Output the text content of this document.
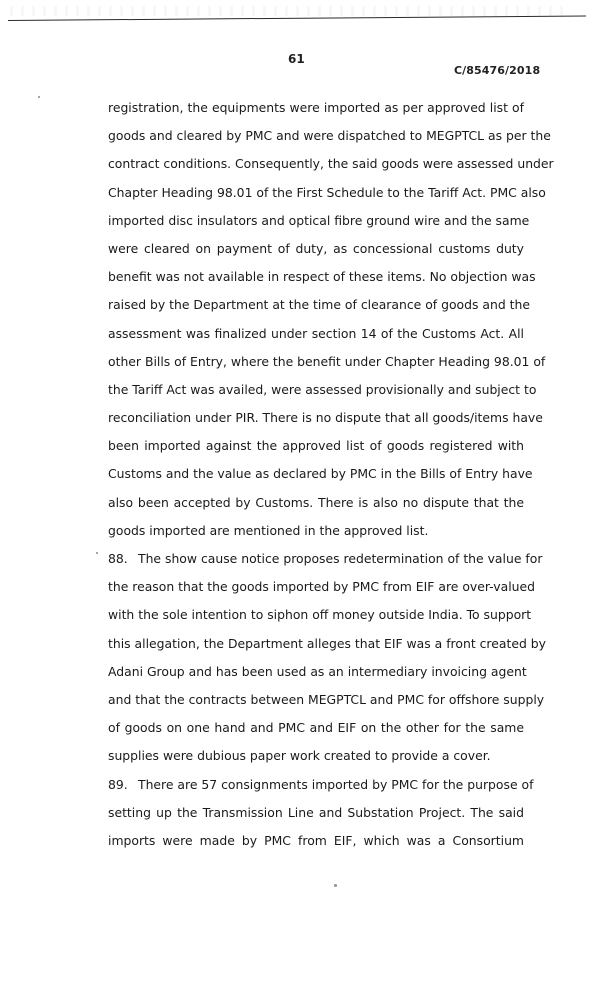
61
C/85476/2018
registration, the equipments were imported as per approved list of
goods and cleared by PMC and were dispatched to MEGPTCL as per the
contract conditions. Consequently, the said goods were assessed under
Chapter Heading 98.01 of the First Schedule to the Tariff Act. PMC also
imported disc insulators and optical fibre ground wire and the same
were cleared on payment of duty, as concessional customs duty
benefit was not available in respect of these items. No objection was
raised by the Department at the time of clearance of goods and the
assessment was finalized under section 14 of the Customs Act. All
other Bills of Entry, where the benefit under Chapter Heading 98.01 of
the Tariff Act was availed, were assessed provisionally and subject to
reconciliation under PIR. There is no dispute that all goods/items have
been imported against the approved list of goods registered with
Customs and the value as declared by PMC in the Bills of Entry have
also been accepted by Customs. There is also no dispute that the
goods imported are mentioned in the approved list.
88. The show cause notice proposes redetermination of the value for
the reason that the goods imported by PMC from EIF are over-valued
with the sole intention to siphon off money outside India. To support
this allegation, the Department alleges that EIF was a front created by
Adani Group and has been used as an intermediary invoicing agent
and that the contracts between MEGPTCL and PMC for offshore supply
of goods on one hand and PMC and EIF on the other for the same
supplies were dubious paper work created to provide a cover.
89. There are 57 consignments imported by PMC for the purpose of
setting up the Transmission Line and Substation Project. The said
imports were made by PMC from EIF, which was a Consortium
